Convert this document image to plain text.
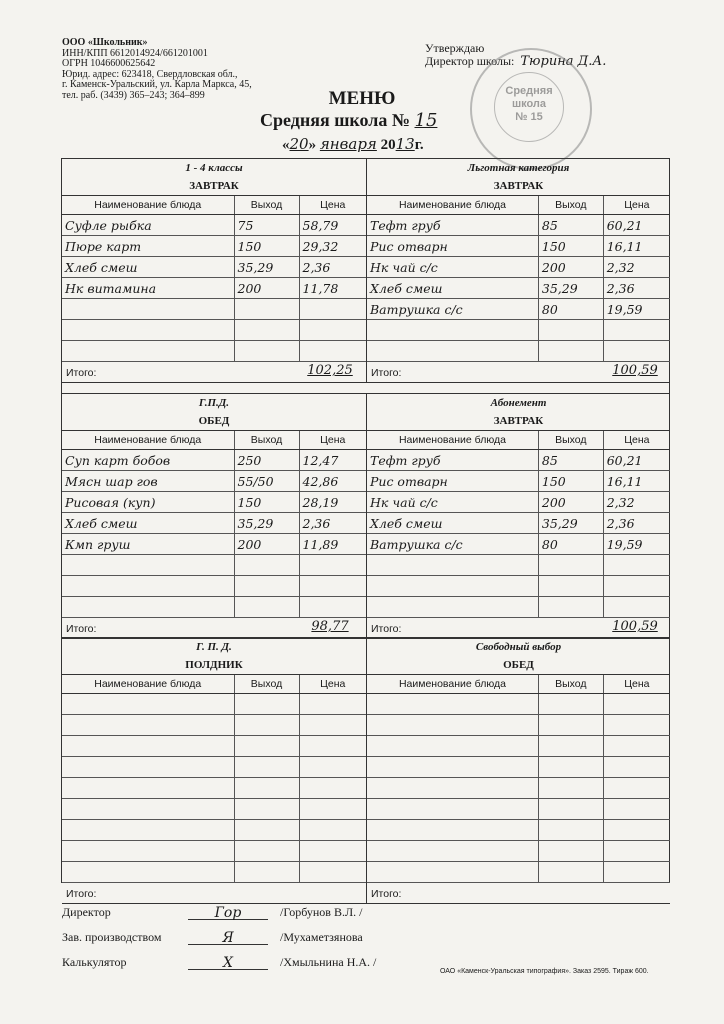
ООО «Школьник»
ИНН/КПП 6612014924/661201001
ОГРН 1046600625642
Юрид. адрес: 623418, Свердловская обл.,
г. Каменск-Уральский, ул. Карла Маркса, 45,
тел. раб. (3439) 365–243; 364–899
Утверждаю
Директор школы: Тюрина Д.А.
Средняя
школа
№ 15
МЕНЮ
Средняя школа № 15
«20» января 2013г.
1 - 4 классы
ЗАВТРАК
Наименование блюда	Выход	Цена
Суфле рыбка	75	58,79
Пюре карт	150	29,32
Хлеб смеш	35,29	2,36
Нк витамина	200	11,78

Итого:	102,25
Льготная категория
ЗАВТРАК
Наименование блюда	Выход	Цена
Тефт груб	85	60,21
Рис отварн	150	16,11
Нк чай с/с	200	2,32
Хлеб смеш	35,29	2,36
Ватрушка с/с	80	19,59

Итого:	100,59
Г.П.Д.
ОБЕД
Наименование блюда	Выход	Цена
Суп карт бобов	250	12,47
Мясн шар гов	55/50	42,86
Рисовая (куп)	150	28,19
Хлеб смеш	35,29	2,36
Кмп груш	200	11,89

Итого:	98,77
Абонемент
ЗАВТРАК
Наименование блюда	Выход	Цена
Тефт груб	85	60,21
Рис отварн	150	16,11
Нк чай с/с	200	2,32
Хлеб смеш	35,29	2,36
Ватрушка с/с	80	19,59

Итого:	100,59
Г. П. Д.
ПОЛДНИК
Наименование блюда	Выход	Цена

Итого:
Свободный выбор
ОБЕД
Наименование блюда	Выход	Цена

Итого:
Директор	Гор	/Горбунов В.Л. /
Зав. производством	Я	/Мухаметзянова
Калькулятор	Х	/Хмыльнина Н.А. /
ОАО «Каменск-Уральская типография». Заказ 2595. Тираж 600.
